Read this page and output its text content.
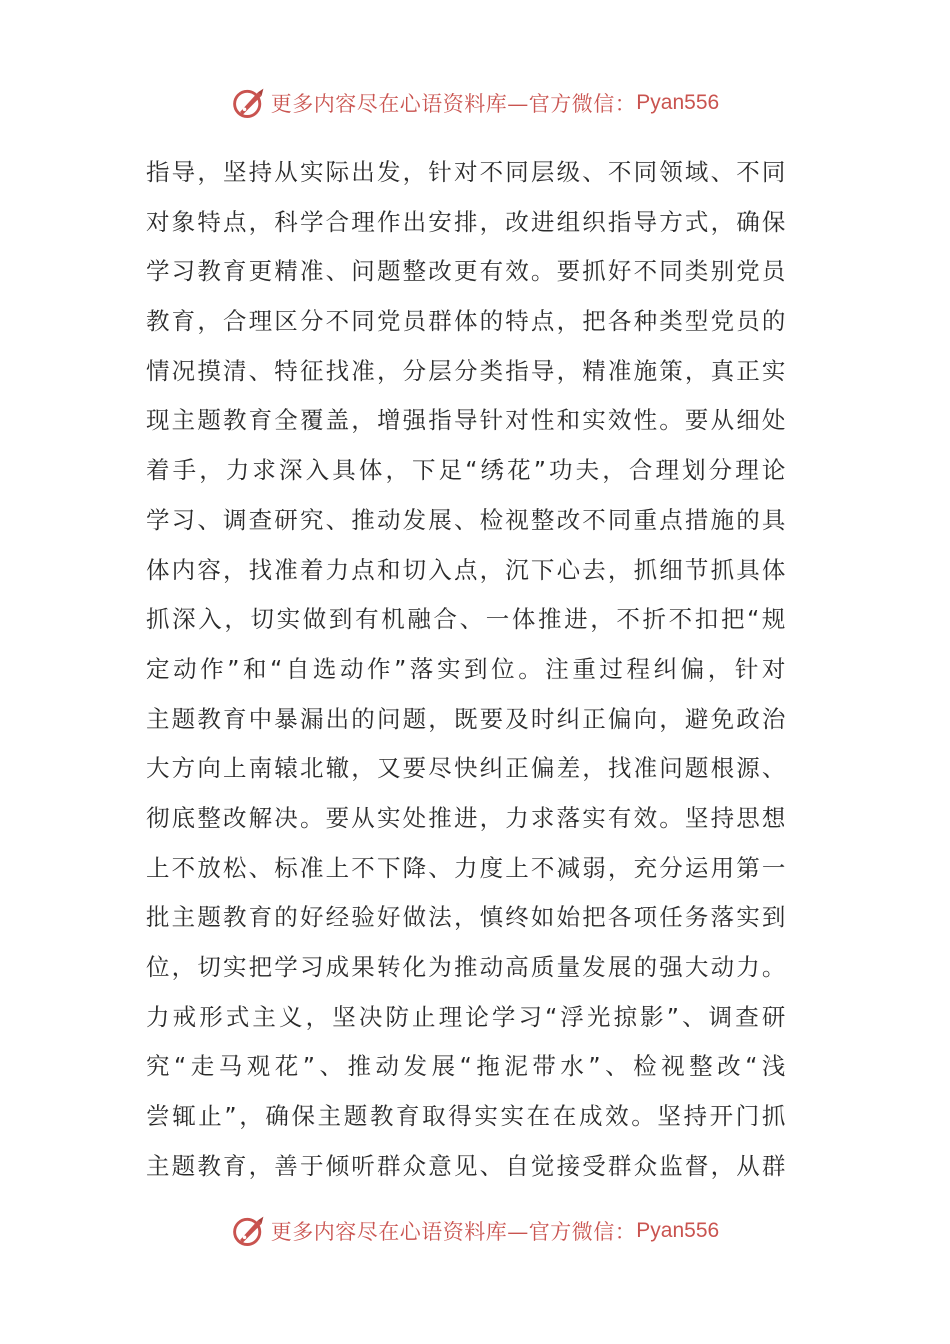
更多内容尽在心语资料库—官方微信： Pyan556
指导，坚持从实际出发，针对不同层级、不同领域、不同
对象特点，科学合理作出安排，改进组织指导方式，确保
学习教育更精准、问题整改更有效。要抓好不同类别党员
教育，合理区分不同党员群体的特点，把各种类型党员的
情况摸清、特征找准，分层分类指导，精准施策，真正实
现主题教育全覆盖，增强指导针对性和实效性。要从细处
着手，力求深入具体，下足“绣花”功夫，合理划分理论
学习、调查研究、推动发展、检视整改不同重点措施的具
体内容，找准着力点和切入点，沉下心去，抓细节抓具体
抓深入，切实做到有机融合、一体推进，不折不扣把“规
定动作”和“自选动作”落实到位。注重过程纠偏，针对
主题教育中暴漏出的问题，既要及时纠正偏向，避免政治
大方向上南辕北辙，又要尽快纠正偏差，找准问题根源、
彻底整改解决。要从实处推进，力求落实有效。坚持思想
上不放松、标准上不下降、力度上不减弱，充分运用第一
批主题教育的好经验好做法，慎终如始把各项任务落实到
位，切实把学习成果转化为推动高质量发展的强大动力。
力戒形式主义，坚决防止理论学习“浮光掠影”、调查研
究“走马观花”、推动发展“拖泥带水”、检视整改“浅
尝辄止”，确保主题教育取得实实在在成效。坚持开门抓
主题教育，善于倾听群众意见、自觉接受群众监督，从群
更多内容尽在心语资料库—官方微信： Pyan556
